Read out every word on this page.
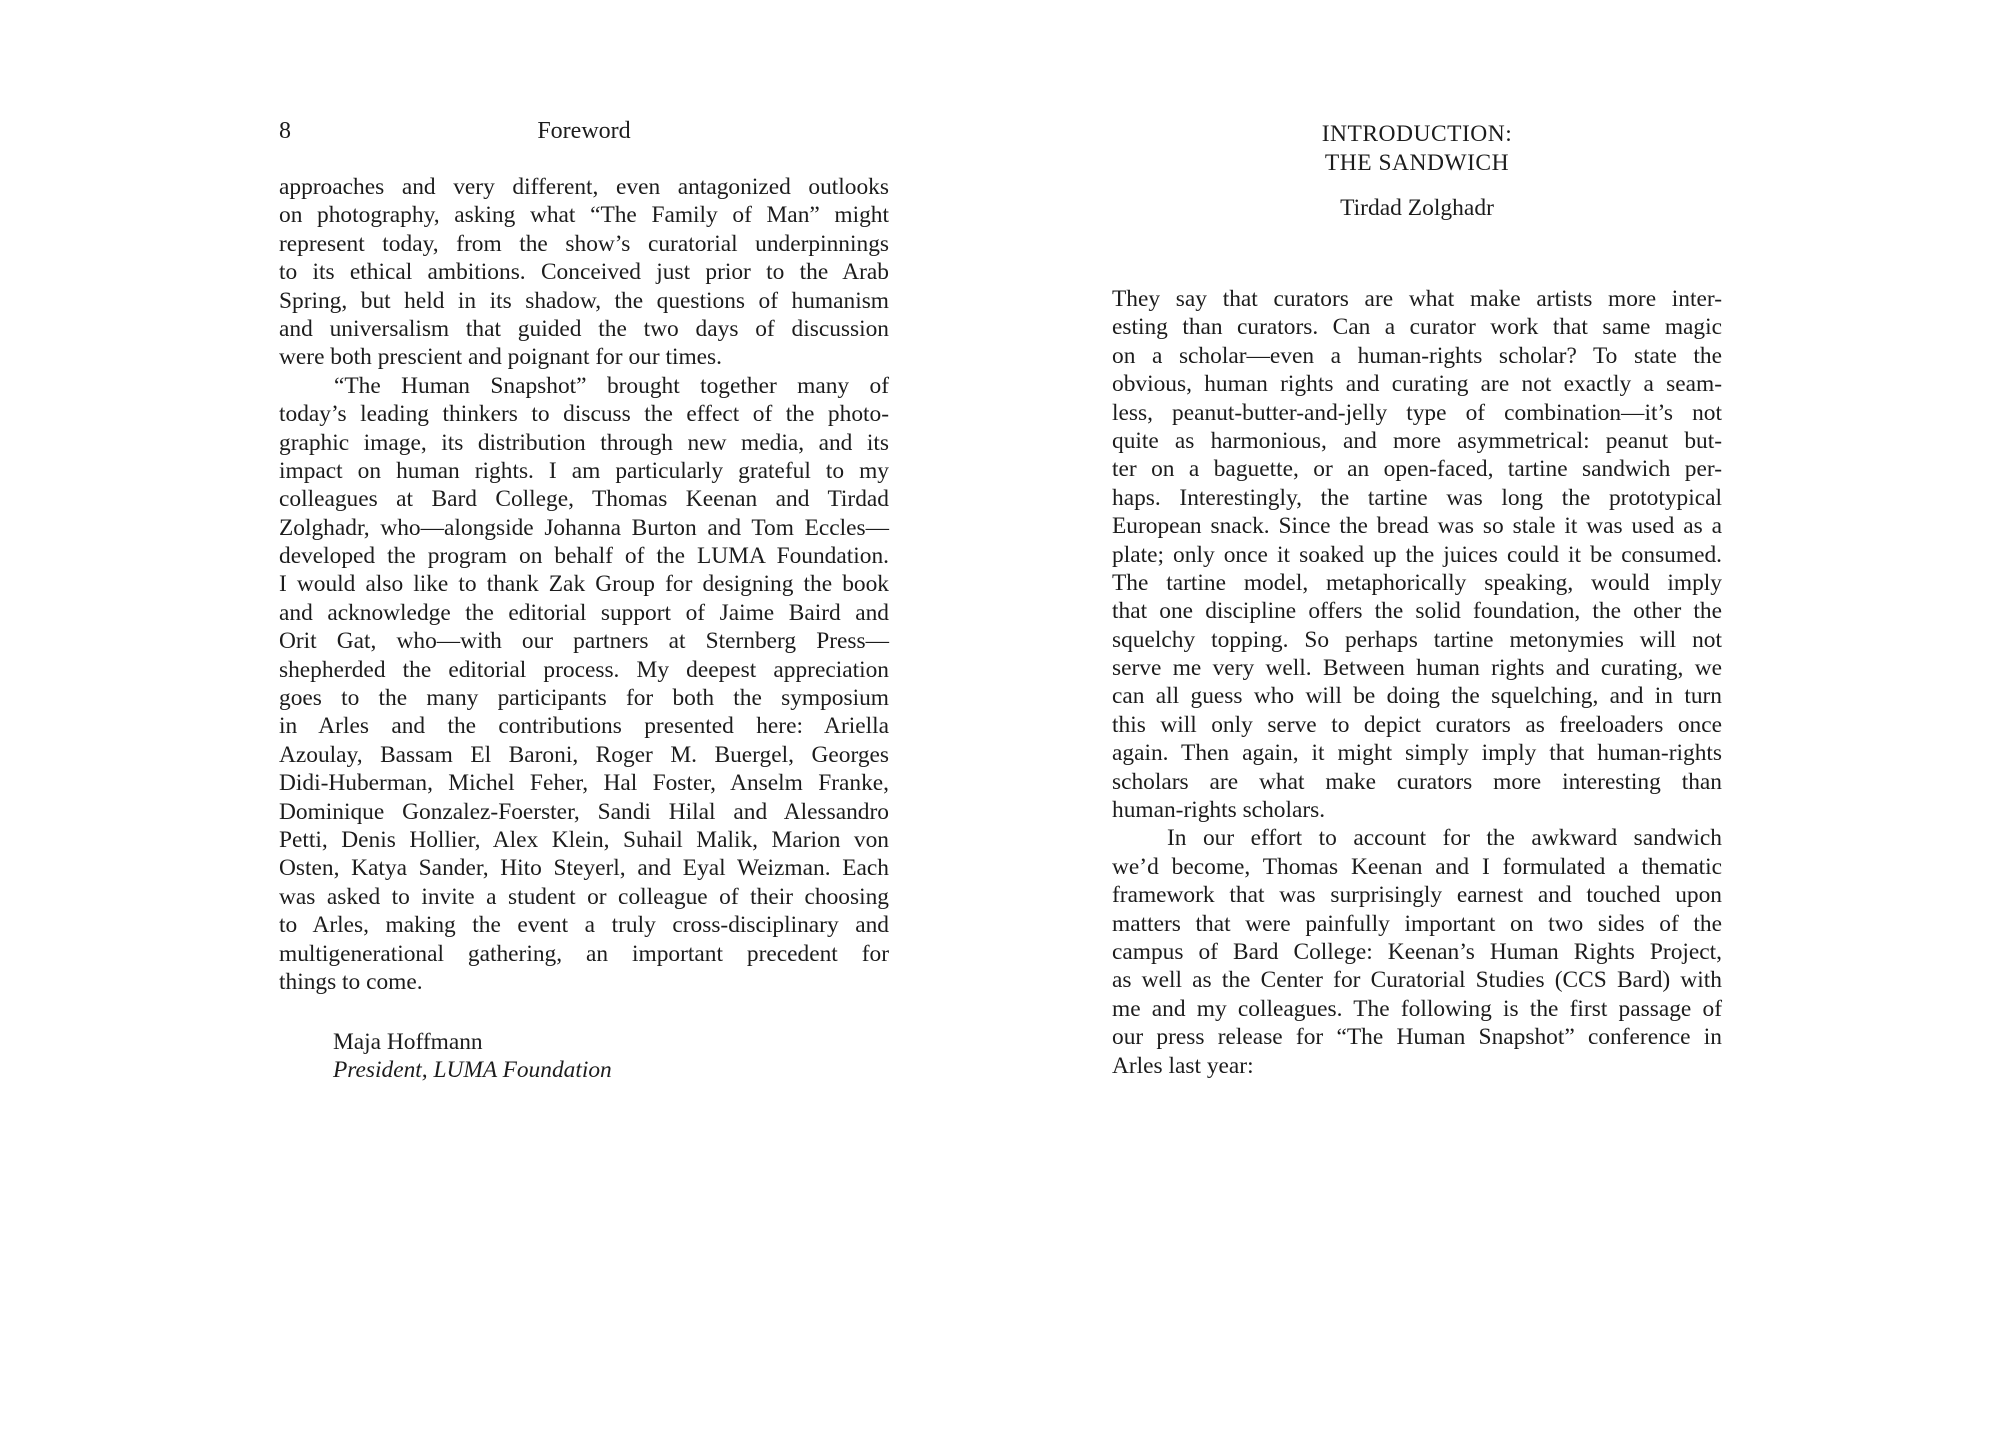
8	Foreword
approaches and very different, even antagonized outlooks
on photography, asking what “The Family of Man” might
represent today, from the show’s curatorial underpinnings
to its ethical ambitions. Conceived just prior to the Arab
Spring, but held in its shadow, the questions of humanism
and universalism that guided the two days of discussion
were both prescient and poignant for our times.
“The Human Snapshot” brought together many of
today’s leading thinkers to discuss the effect of the photo-
graphic image, its distribution through new media, and its
impact on human rights. I am particularly grateful to my
colleagues at Bard College, Thomas Keenan and Tirdad
Zolghadr, who—alongside Johanna Burton and Tom Eccles—
developed the program on behalf of the LUMA Foundation.
I would also like to thank Zak Group for designing the book
and acknowledge the editorial support of Jaime Baird and
Orit Gat, who—with our partners at Sternberg Press—
shepherded the editorial process. My deepest appreciation
goes to the many participants for both the symposium
in Arles and the contributions presented here: Ariella
Azoulay, Bassam El Baroni, Roger M. Buergel, Georges
Didi-Huberman, Michel Feher, Hal Foster, Anselm Franke,
Dominique Gonzalez-Foerster, Sandi Hilal and Alessandro
Petti, Denis Hollier, Alex Klein, Suhail Malik, Marion von
Osten, Katya Sander, Hito Steyerl, and Eyal Weizman. Each
was asked to invite a student or colleague of their choosing
to Arles, making the event a truly cross-disciplinary and
multigenerational gathering, an important precedent for
things to come.
Maja Hoffmann
President, LUMA Foundation
INTRODUCTION:
THE SANDWICH
Tirdad Zolghadr
They say that curators are what make artists more inter-
esting than curators. Can a curator work that same magic
on a scholar—even a human-rights scholar? To state the
obvious, human rights and curating are not exactly a seam-
less, peanut-butter-and-jelly type of combination—it’s not
quite as harmonious, and more asymmetrical: peanut but-
ter on a baguette, or an open-faced, tartine sandwich per-
haps. Interestingly, the tartine was long the prototypical
European snack. Since the bread was so stale it was used as a
plate; only once it soaked up the juices could it be consumed.
The tartine model, metaphorically speaking, would imply
that one discipline offers the solid foundation, the other the
squelchy topping. So perhaps tartine metonymies will not
serve me very well. Between human rights and curating, we
can all guess who will be doing the squelching, and in turn
this will only serve to depict curators as freeloaders once
again. Then again, it might simply imply that human-rights
scholars are what make curators more interesting than
human-rights scholars.
In our effort to account for the awkward sandwich
we’d become, Thomas Keenan and I formulated a thematic
framework that was surprisingly earnest and touched upon
matters that were painfully important on two sides of the
campus of Bard College: Keenan’s Human Rights Project,
as well as the Center for Curatorial Studies (CCS Bard) with
me and my colleagues. The following is the first passage of
our press release for “The Human Snapshot” conference in
Arles last year:
